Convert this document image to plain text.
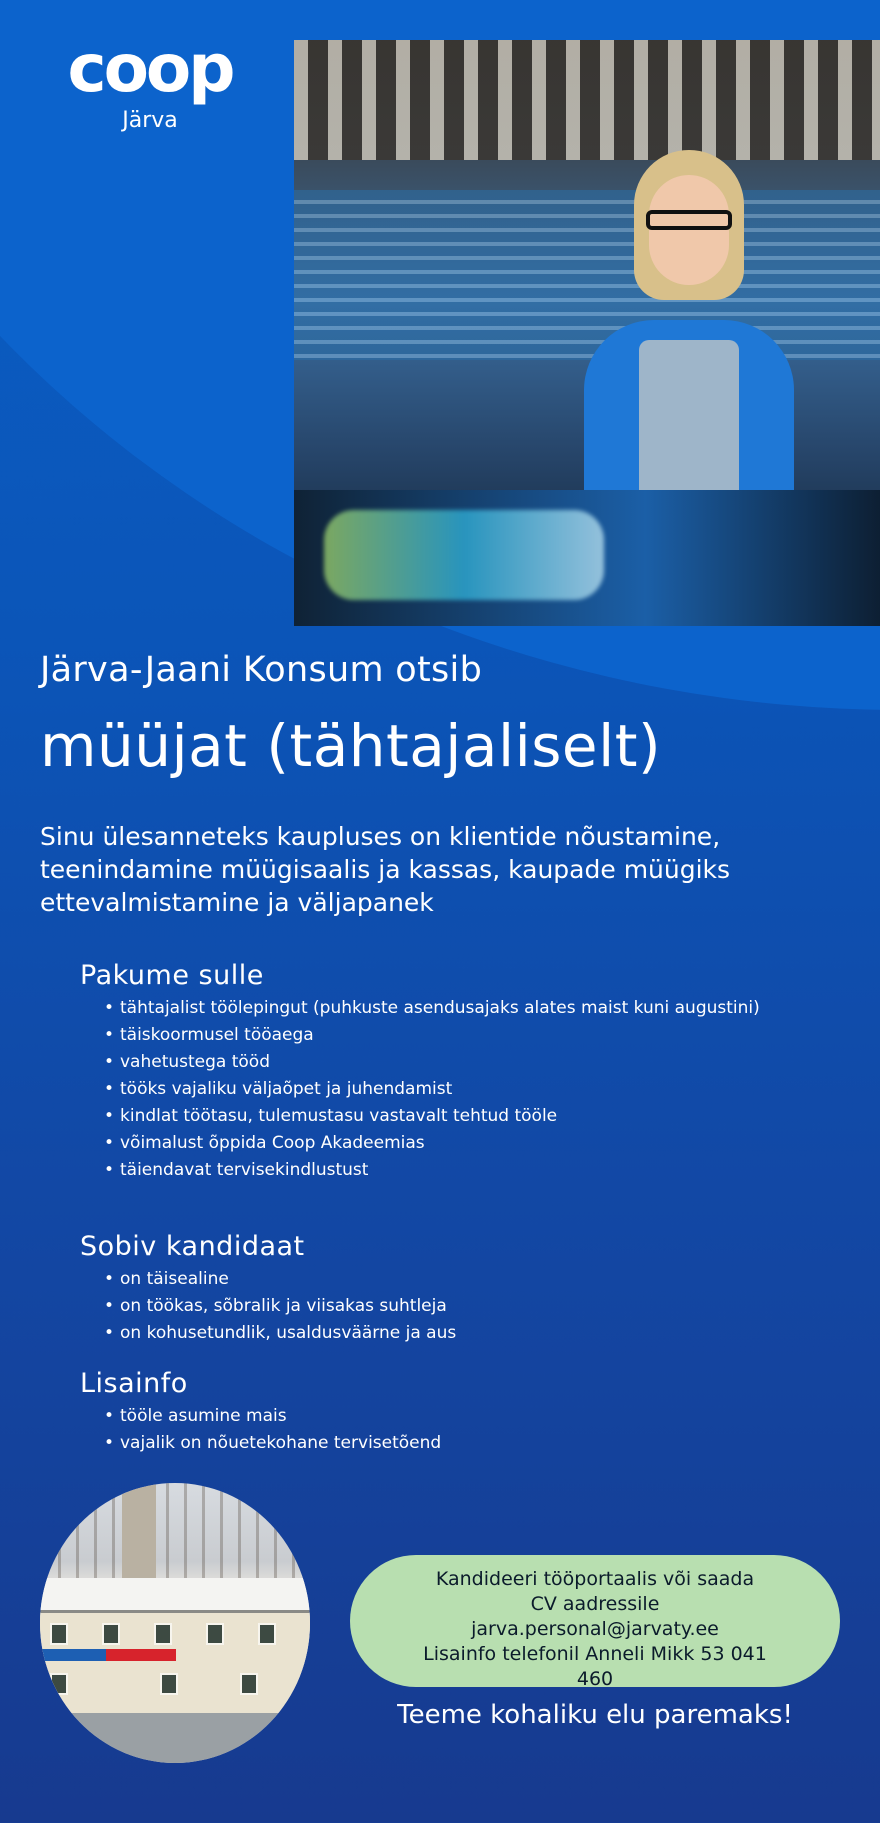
coop
Järva
Järva-Jaani Konsum otsib
müüjat (tähtajaliselt)

Sinu ülesanneteks kaupluses on klientide nõustamine, teenindamine müügisaalis ja kassas, kaupade müügiks ettevalmistamine ja väljapanek

Pakume sulle
• tähtajalist töölepingut (puhkuste asendusajaks alates maist kuni augustini)
• täiskoormusel tööaega
• vahetustega tööd
• tööks vajaliku väljaõpet ja juhendamist
• kindlat töötasu, tulemustasu vastavalt tehtud tööle
• võimalust õppida Coop Akadeemias
• täiendavat tervisekindlustust
Sobiv kandidaat
• on täisealine
• on töökas, sõbralik ja viisakas suhtleja
• on kohusetundlik, usaldusväärne ja aus
Lisainfo
• tööle asumine mais
• vajalik on nõuetekohane tervisetõend
Kandideeri tööportaalis või saada
CV aadressile
jarva.personal@jarvaty.ee
Lisainfo telefonil Anneli Mikk 53 041
460
Teeme kohaliku elu paremaks!
